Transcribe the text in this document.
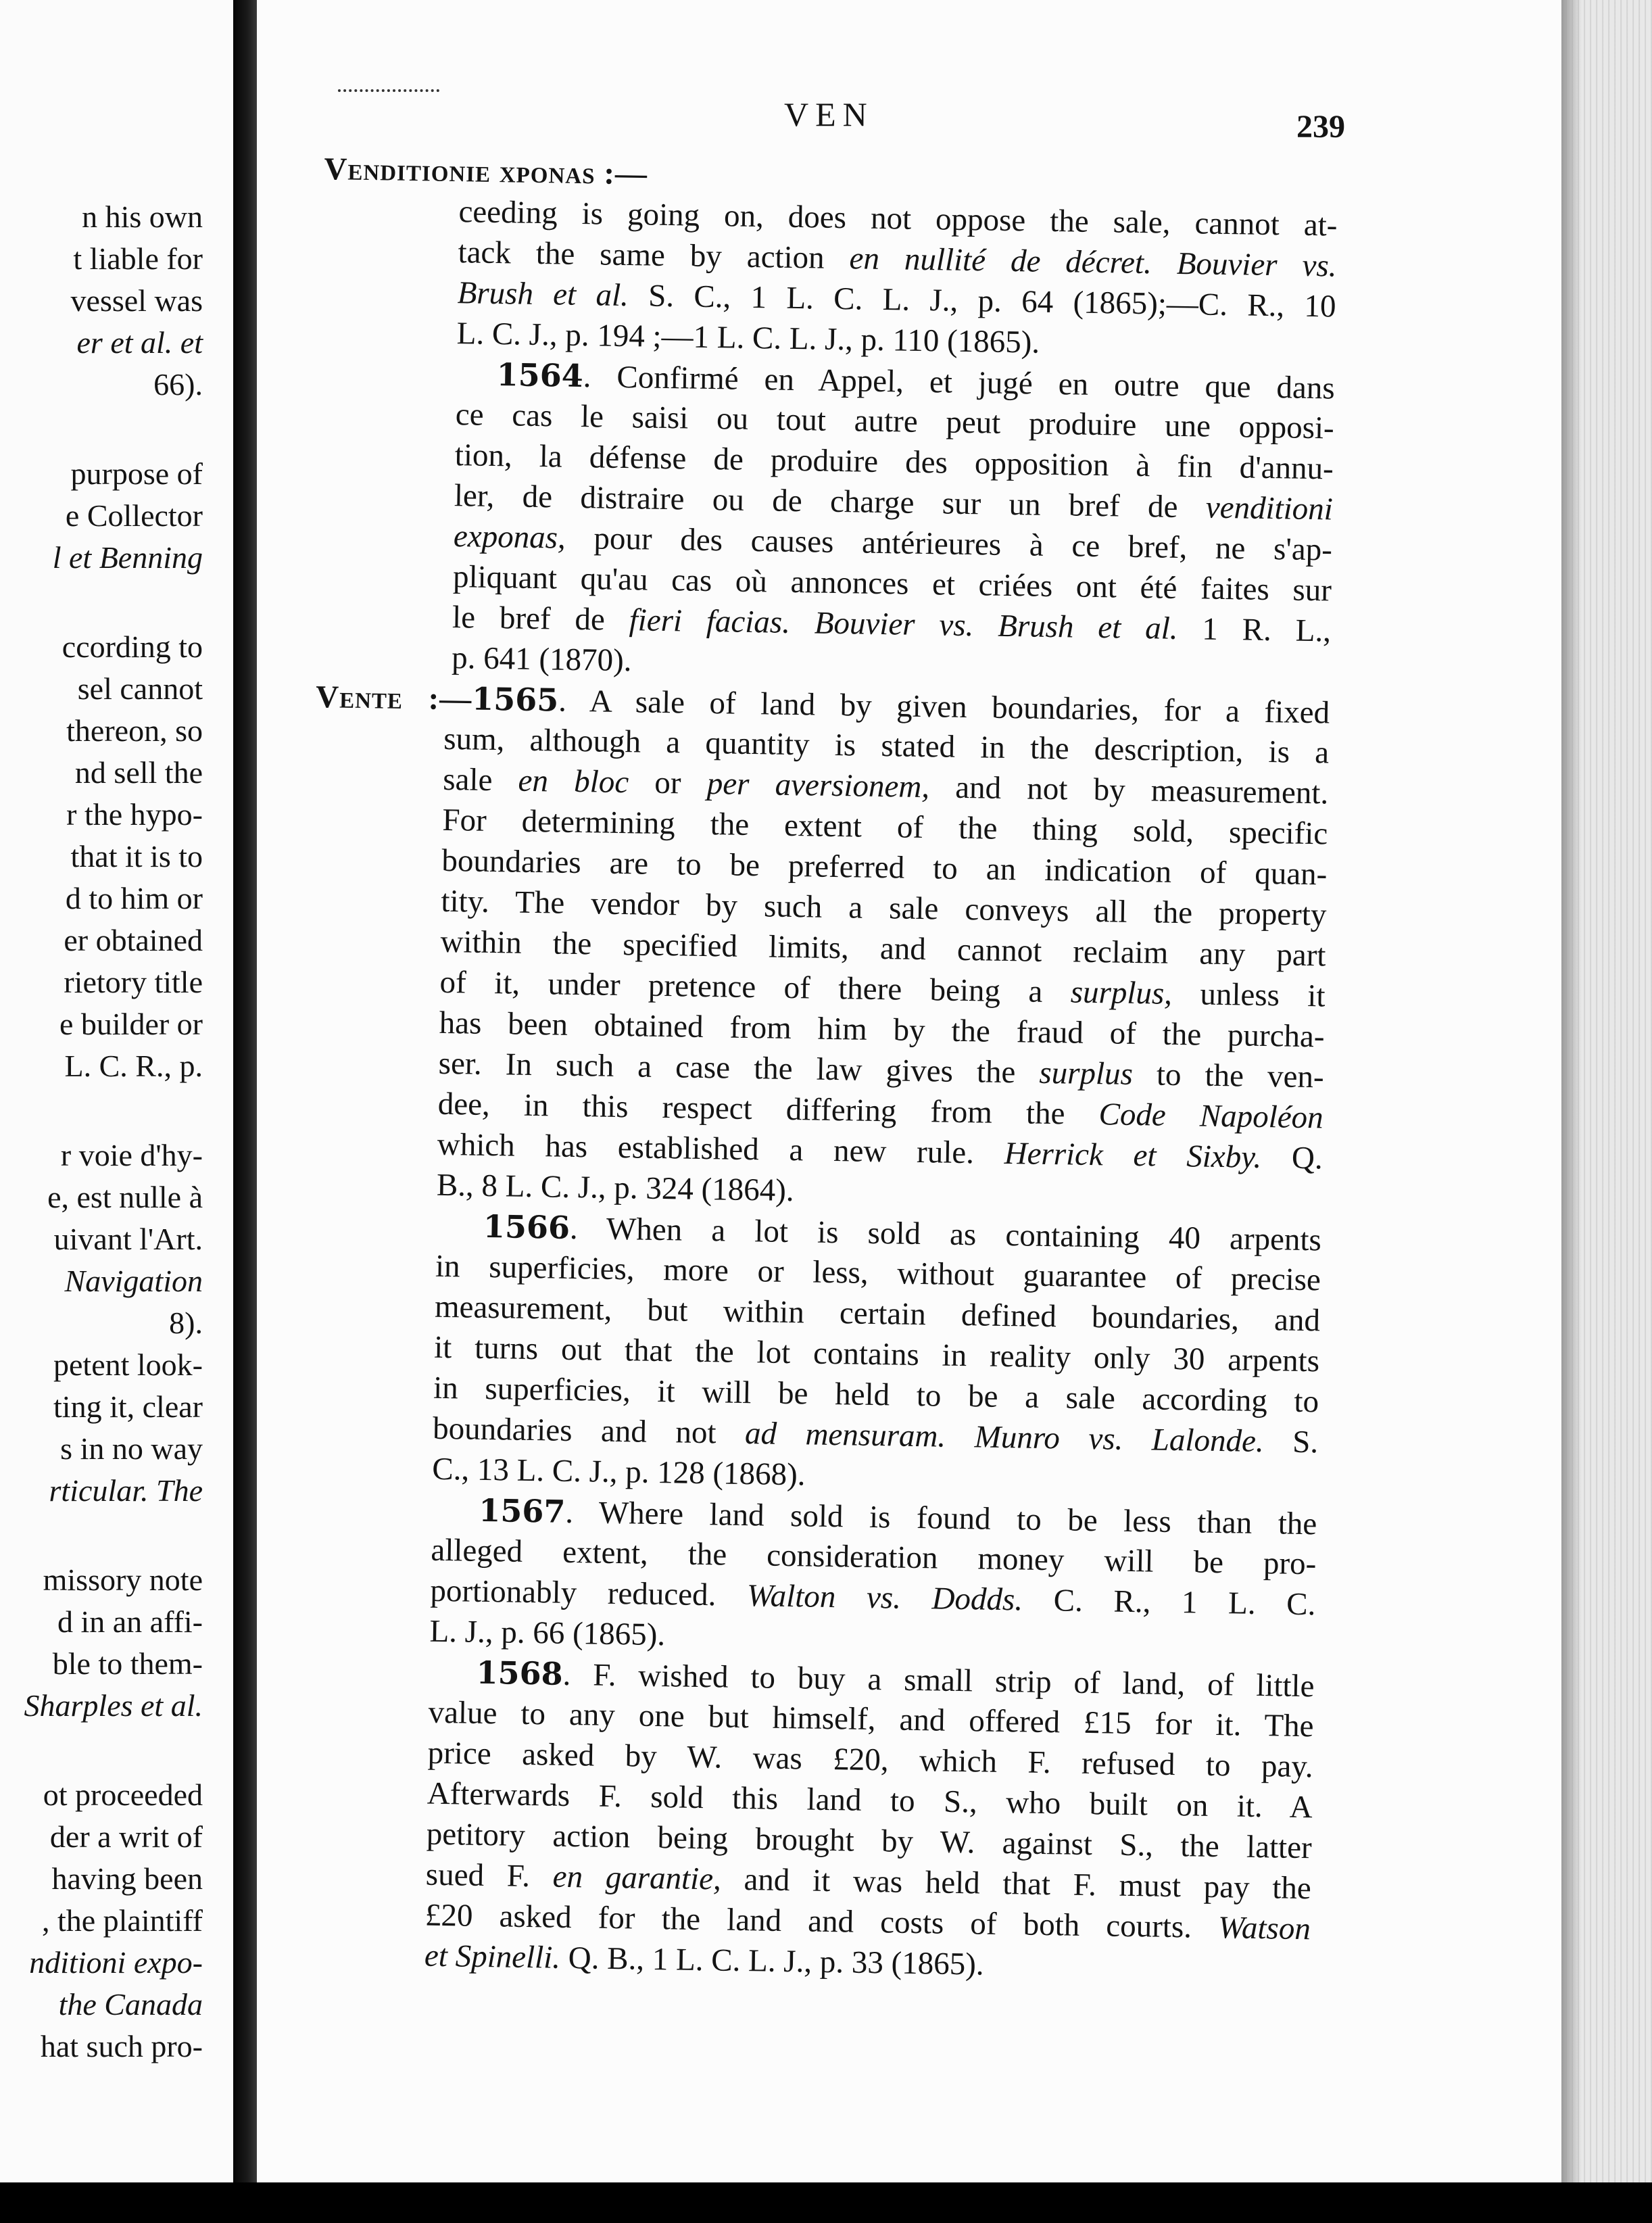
n his own
t liable for
vessel was
er et al. et
66).
purpose of
e Collector
l et Benning
ccording to
sel cannot
thereon, so
nd sell the
r the hypo-
that it is to
d to him or
er obtained
rietory title
e builder or
L. C. R., p.
r voie d'hy-
e, est nulle à
uivant l'Art.
Navigation
8).
petent look-
ting it, clear
s in no way
rticular. The
missory note
d in an affi-
ble to them-
Sharples et al.
ot proceeded
der a writ of
having been
, the plaintiff
nditioni expo-
the Canada
hat such pro-
VEN	239
Venditionie xponas :—
ceeding is going on, does not oppose the sale, cannot at-
tack the same by action en nullité de décret. Bouvier vs.
Brush et al. S. C., 1 L. C. L. J., p. 64 (1865);—C. R., 10
L. C. J., p. 194 ;—1 L. C. L. J., p. 110 (1865).
1564. Confirmé en Appel, et jugé en outre que dans
ce cas le saisi ou tout autre peut produire une opposi-
tion, la défense de produire des opposition à fin d'annu-
ler, de distraire ou de charge sur un bref de venditioni
exponas, pour des causes antérieures à ce bref, ne s'ap-
pliquant qu'au cas où annonces et criées ont été faites sur
le bref de fieri facias. Bouvier vs. Brush et al. 1 R. L.,
p. 641 (1870).
Vente :—1565. A sale of land by given boundaries, for a fixed
sum, although a quantity is stated in the description, is a
sale en bloc or per aversionem, and not by measurement.
For determining the extent of the thing sold, specific
boundaries are to be preferred to an indication of quan-
tity. The vendor by such a sale conveys all the property
within the specified limits, and cannot reclaim any part
of it, under pretence of there being a surplus, unless it
has been obtained from him by the fraud of the purcha-
ser. In such a case the law gives the surplus to the ven-
dee, in this respect differing from the Code Napoléon
which has established a new rule. Herrick et Sixby. Q.
B., 8 L. C. J., p. 324 (1864).
1566. When a lot is sold as containing 40 arpents
in superficies, more or less, without guarantee of precise
measurement, but within certain defined boundaries, and
it turns out that the lot contains in reality only 30 arpents
in superficies, it will be held to be a sale according to
boundaries and not ad mensuram. Munro vs. Lalonde. S.
C., 13 L. C. J., p. 128 (1868).
1567. Where land sold is found to be less than the
alleged extent, the consideration money will be pro-
portionably reduced. Walton vs. Dodds. C. R., 1 L. C.
L. J., p. 66 (1865).
1568. F. wished to buy a small strip of land, of little
value to any one but himself, and offered £15 for it. The
price asked by W. was £20, which F. refused to pay.
Afterwards F. sold this land to S., who built on it. A
petitory action being brought by W. against S., the latter
sued F. en garantie, and it was held that F. must pay the
£20 asked for the land and costs of both courts. Watson
et Spinelli. Q. B., 1 L. C. L. J., p. 33 (1865).
